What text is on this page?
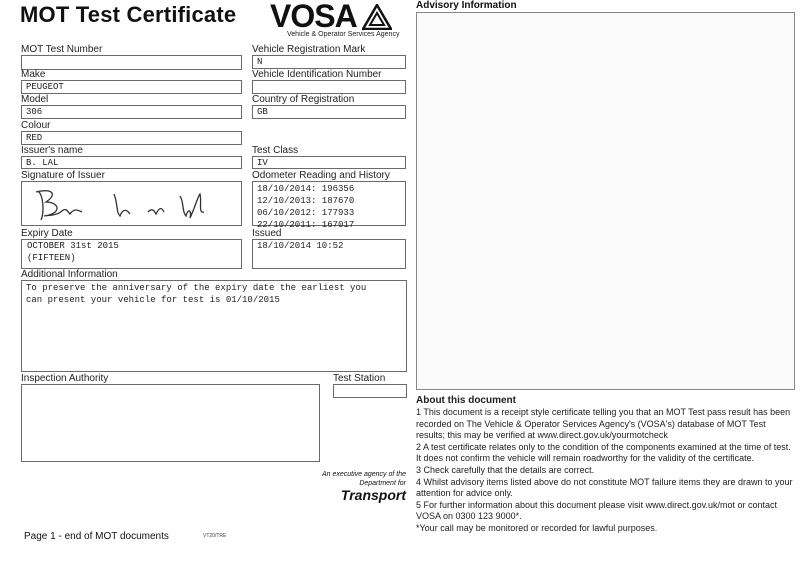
MOT Test Certificate VOSA
Vehicle & Operator Services Agency
MOT Test Number
Make
PEUGEOT
Model
306
Colour
RED
Issuer's name
B. LAL
Signature of Issuer
Expiry Date
OCTOBER 31st 2015
(FIFTEEN)
Vehicle Registration Mark
N
Vehicle Identification Number
Country of Registration
GB
Test Class
IV
Odometer Reading and History
18/10/2014: 196356
12/10/2013: 187670
06/10/2012: 177933
22/10/2011: 167017
Issued
18/10/2014 10:52
Additional Information
To preserve the anniversary of the expiry date the earliest you
can present your vehicle for test is 01/10/2015
Inspection Authority	Test Station
An executive agency of the
Department for
Transport
Advisory Information
About this document

1 This document is a receipt style certificate telling you that an MOT Test pass result has been recorded on The Vehicle & Operator Services Agency's (VOSA's) database of MOT Test results; this may be verified at www.direct.gov.uk/yourmotcheck

2 A test certificate relates only to the condition of the components examined at the time of test. It does not confirm the vehicle will remain roadworthy for the validity of the certificate.

3 Check carefully that the details are correct.

4 Whilst advisory items listed above do not constitute MOT failure items they are drawn to your attention for advice only.

5 For further information about this document please visit www.direct.gov.uk/mot or contact VOSA on 0300 123 9000*.

*Your call may be monitored or recorded for lawful purposes.

Page 1 - end of MOT documents	VT20/TRE
